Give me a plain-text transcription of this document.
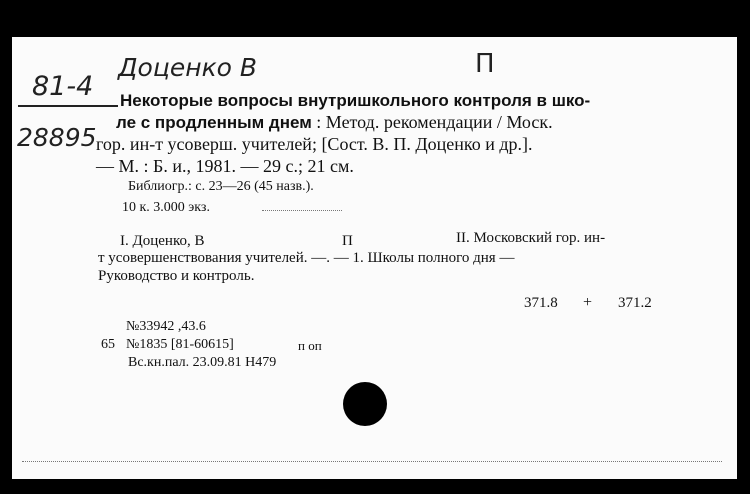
81-4
28895
Доценко В	П
Некоторые вопросы внутришкольного контроля в шко-
ле с продленным днем : Метод. рекомендации / Моск.
гор. ин-т усоверш. учителей; [Сост. В. П. Доценко и др.].
— М. : Б. и., 1981. — 29 с.; 21 см.
Библиогр.: с. 23—26 (45 назв.).
10 к. 3.000 экз.
I. Доценко, В	П	II. Московский гор. ин-
т усовершенствования учителей. —. — 1. Школы полного дня —
Руководство и контроль.
371.8 + 371.2
№33942 ,43.6
65 №1835 [81-60615]	п оп
Вс.кн.пал. 23.09.81 Н479
